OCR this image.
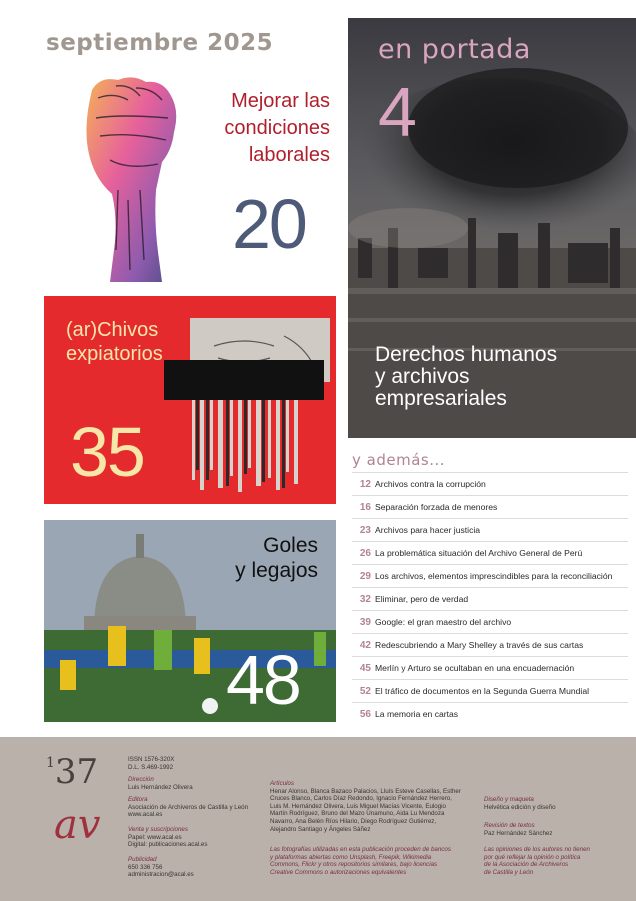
septiembre 2025
Mejorar las
condiciones
laborales
20
en portada
4
Derechos humanos
y archivos
empresariales
(ar)Chivos
expiatorios
35
Goles
y legajos
48
y además...
12 Archivos contra la corrupción
16 Separación forzada de menores
23 Archivos para hacer justicia
26 La problemática situación del Archivo General de Perú
29 Los archivos, elementos imprescindibles para la reconciliación
32 Eliminar, pero de verdad
39 Google: el gran maestro del archivo
42 Redescubriendo a Mary Shelley a través de sus cartas
45 Merlín y Arturo se ocultaban en una encuadernación
52 El tráfico de documentos en la Segunda Guerra Mundial
56 La memoria en cartas
$^1$37
av
ISSN 1576-320X
D.L. S.469-1992
Dirección
Luis Hernández Olivera
Editora
Asociación de Archiveros de Castilla y León
www.acal.es
Venta y suscripciones
Papel: www.acal.es
Digital: publicaciones.acal.es
Publicidad
650 336 756
administracion@acal.es
Artículos
Henar Alonso, Blanca Bazaco Palacios, Lluís Esteve Casellas, Esther
Cruces Blanco, Carlos Díaz Redondo, Ignacio Fernández Herrero,
Luis M. Hernández Olivera, Luis Miguel Macías Vicente, Eulogio
Martín Rodríguez, Bruno del Mazo Unamuno, Aida Lu Mendoza
Navarro, Ana Belén Ríos Hilario, Diego Rodríguez Gutiérrez,
Alejandro Santiago y Ángeles Sáñez
Las fotografías utilizadas en esta publicación proceden de bancos
y plataformas abiertas como Unsplash, Freepik, Wikimedia
Commons, Flickr y otros repositorios similares, bajo licencias
Creative Commons o autorizaciones equivalentes
Diseño y maqueta
Helvética edición y diseño
Revisión de textos
Paz Hernández Sánchez
Las opiniones de los autores no tienen
por qué reflejar la opinión o política
de la Asociación de Archiveros
de Castilla y León
